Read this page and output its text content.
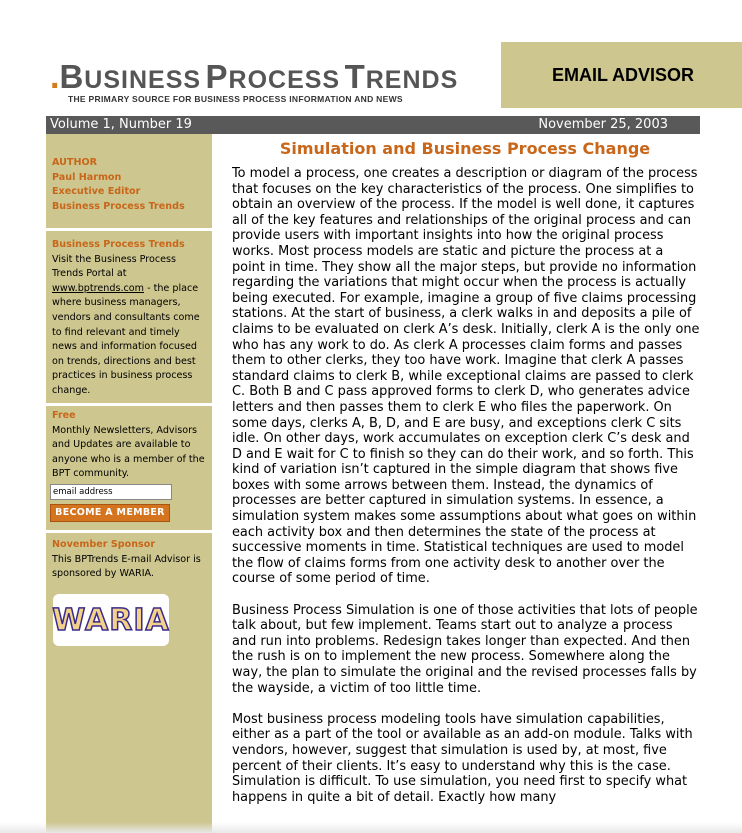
.BUSINESS PROCESS TRENDS
THE PRIMARY SOURCE FOR BUSINESS PROCESS INFORMATION AND NEWS
EMAIL ADVISOR
Volume 1, Number 19	November 25, 2003
AUTHOR
Paul Harmon
Executive Editor
Business Process Trends
Business Process Trends
Visit the Business Process Trends Portal at
www.bptrends.com - the place where business managers, vendors and consultants come to find relevant and timely news and information focused on trends, directions and best practices in business process change.
Free
Monthly Newsletters, Advisors and Updates are available to anyone who is a member of the BPT community.
email address
BECOME A MEMBER
November Sponsor
This BPTrends E-mail Advisor is sponsored by WARIA.
WARIA
Simulation and Business Process Change

To model a process, one creates a description or diagram of the process that focuses on the key characteristics of the process. One simplifies to obtain an overview of the process. If the model is well done, it captures all of the key features and relationships of the original process and can provide users with important insights into how the original process works. Most process models are static and picture the process at a point in time. They show all the major steps, but provide no information regarding the variations that might occur when the process is actually being executed. For example, imagine a group of five claims processing stations. At the start of business, a clerk walks in and deposits a pile of claims to be evaluated on clerk A’s desk. Initially, clerk A is the only one who has any work to do. As clerk A processes claim forms and passes them to other clerks, they too have work. Imagine that clerk A passes standard claims to clerk B, while exceptional claims are passed to clerk C. Both B and C pass approved forms to clerk D, who generates advice letters and then passes them to clerk E who files the paperwork. On some days, clerks A, B, D, and E are busy, and exceptions clerk C sits idle. On other days, work accumulates on exception clerk C’s desk and D and E wait for C to finish so they can do their work, and so forth. This kind of variation isn’t captured in the simple diagram that shows five boxes with some arrows between them. Instead, the dynamics of processes are better captured in simulation systems. In essence, a simulation system makes some assumptions about what goes on within each activity box and then determines the state of the process at successive moments in time. Statistical techniques are used to model the flow of claims forms from one activity desk to another over the course of some period of time.

Business Process Simulation is one of those activities that lots of people talk about, but few implement. Teams start out to analyze a process and run into problems. Redesign takes longer than expected. And then the rush is on to implement the new process. Somewhere along the way, the plan to simulate the original and the revised processes falls by the wayside, a victim of too little time.

Most business process modeling tools have simulation capabilities, either as a part of the tool or available as an add-on module. Talks with vendors, however, suggest that simulation is used by, at most, five percent of their clients. It’s easy to understand why this is the case. Simulation is difficult. To use simulation, you need first to specify what happens in quite a bit of detail. Exactly how many
